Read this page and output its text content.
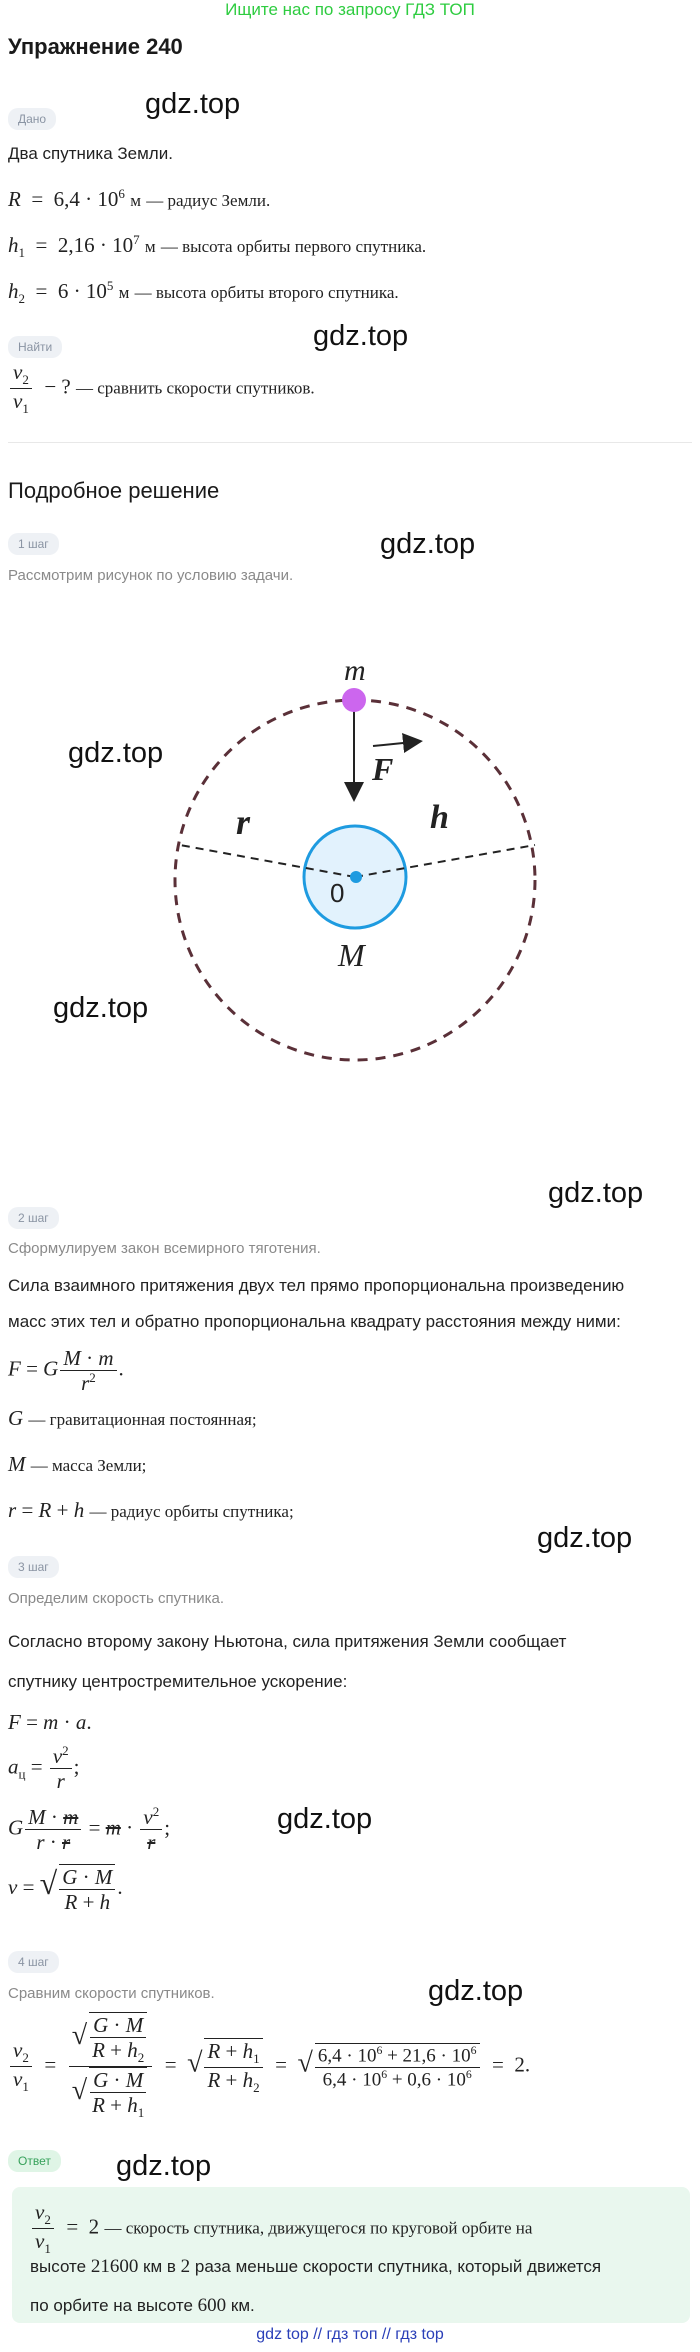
Ищите нас по запросу ГДЗ ТОП
Упражнение 240
gdz.top
gdz.top
gdz.top
gdz.top
gdz.top
gdz.top
gdz.top
gdz.top
gdz.top
gdz.top
Дано
Два спутника Земли.
$R = 6,4 \cdot 10^6$ м — радиус Земли.
$h_1 = 2,16 \cdot 10^7$ м — высота орбиты первого спутника.
$h_2 = 6 \cdot 10^5$ м — высота орбиты второго спутника.
Найти
$\frac{v_2}{v_1}$ − ? — сравнить скорости спутников.
Подробное решение
1 шаг
Рассмотрим рисунок по условию задачи.
m
F
r	h
0
M
2 шаг
Сформулируем закон всемирного тяготения.
Сила взаимного притяжения двух тел прямо пропорциональна произведению
масс этих тел и обратно пропорциональна квадрату расстояния между ними:
F = G $\frac{M \cdot m}{r^2}$ .
G — гравитационная постоянная;
M — масса Земли;
r = R + h — радиус орбиты спутника;
3 шаг
Определим скорость спутника.
Согласно второму закону Ньютона, сила притяжения Земли сообщает
спутнику центростремительное ускорение:
F = m · a.
$a_ц = \frac{v^2}{r}$ ;
G $\frac{M \cdot m}{r \cdot r} = m \cdot \frac{v^2}{r}$ ;
v = √ $\frac{G \cdot M}{R + h}$ .
4 шаг
Сравним скорости спутников.
$\frac{v_2}{v_1} = \frac{√ \frac{G \cdot M}{R + h_2}}{√ \frac{G \cdot M}{R + h_1}}$ =  √ $\frac{R + h_1}{R + h_2}$ =  √ $\frac{6,4 \cdot 10^6 + 21,6 \cdot 10^6}{6,4 \cdot 10^6 + 0,6 \cdot 10^6} = 2$.
Ответ
$\frac{v_2}{v_1} = 2$ — скорость спутника, движущегося по круговой орбите на
высоте 21600 км в 2 раза меньше скорости спутника, который движется
по орбите на высоте 600 км.
gdz top // гдз топ // гдз top
